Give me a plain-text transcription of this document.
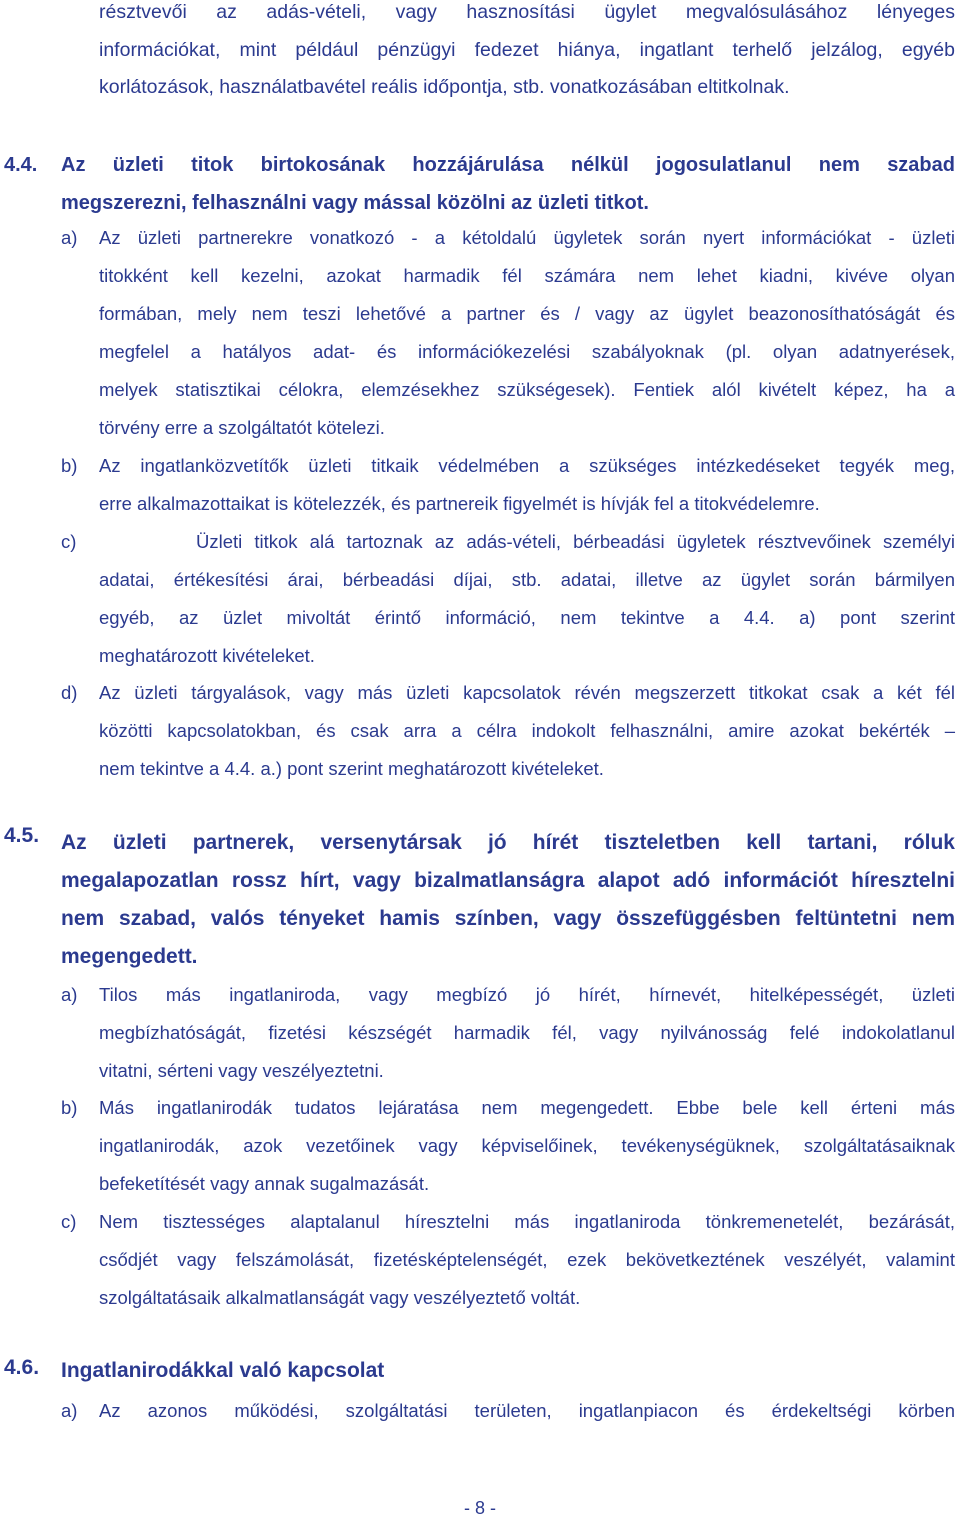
résztvevői az adás-vételi, vagy hasznosítási ügylet megvalósulásához lényeges
információkat, mint például pénzügyi fedezet hiánya, ingatlant terhelő jelzálog, egyéb
korlátozások, használatbavétel reális időpontja, stb. vonatkozásában eltitkolnak.
4.4. Az üzleti titok birtokosának hozzájárulása nélkül jogosulatlanul nem szabad
megszerezni, felhasználni vagy mással közölni az üzleti titkot.
a) Az üzleti partnerekre vonatkozó - a kétoldalú ügyletek során nyert információkat - üzleti
titokként kell kezelni, azokat harmadik fél számára nem lehet kiadni, kivéve olyan
formában, mely nem teszi lehetővé a partner és / vagy az ügylet beazonosíthatóságát és
megfelel a hatályos adat- és információkezelési szabályoknak (pl. olyan adatnyerések,
melyek statisztikai célokra, elemzésekhez szükségesek). Fentiek alól kivételt képez, ha a
törvény erre a szolgáltatót kötelezi.
b) Az ingatlanközvetítők üzleti titkaik védelmében a szükséges intézkedéseket tegyék meg,
erre alkalmazottaikat is kötelezzék, és partnereik figyelmét is hívják fel a titokvédelemre.
c) Üzleti titkok alá tartoznak az adás-vételi, bérbeadási ügyletek résztvevőinek személyi
adatai, értékesítési árai, bérbeadási díjai, stb. adatai, illetve az ügylet során bármilyen
egyéb, az üzlet mivoltát érintő információ, nem tekintve a 4.4. a) pont szerint
meghatározott kivételeket.
d) Az üzleti tárgyalások, vagy más üzleti kapcsolatok révén megszerzett titkokat csak a két fél
közötti kapcsolatokban, és csak arra a célra indokolt felhasználni, amire azokat bekérték –
nem tekintve a 4.4. a.) pont szerint meghatározott kivételeket.
4.5. Az üzleti partnerek, versenytársak jó hírét tiszteletben kell tartani, róluk
megalapozatlan rossz hírt, vagy bizalmatlanságra alapot adó információt híresztelni
nem szabad, valós tényeket hamis színben, vagy összefüggésben feltüntetni nem
megengedett.
a) Tilos más ingatlaniroda, vagy megbízó jó hírét, hírnevét, hitelképességét, üzleti
megbízhatóságát, fizetési készségét harmadik fél, vagy nyilvánosság felé indokolatlanul
vitatni, sérteni vagy veszélyeztetni.
b) Más ingatlanirodák tudatos lejáratása nem megengedett. Ebbe bele kell érteni más
ingatlanirodák, azok vezetőinek vagy képviselőinek, tevékenységüknek, szolgáltatásaiknak
befeketítését vagy annak sugalmazását.
c) Nem tisztességes alaptalanul híresztelni más ingatlaniroda tönkremenetelét, bezárását,
csődjét vagy felszámolását, fizetésképtelenségét, ezek bekövetkeztének veszélyét, valamint
szolgáltatásaik alkalmatlanságát vagy veszélyeztető voltát.
4.6. Ingatlanirodákkal való kapcsolat
a) Az azonos működési, szolgáltatási területen, ingatlanpiacon és érdekeltségi körben
- 8 -
